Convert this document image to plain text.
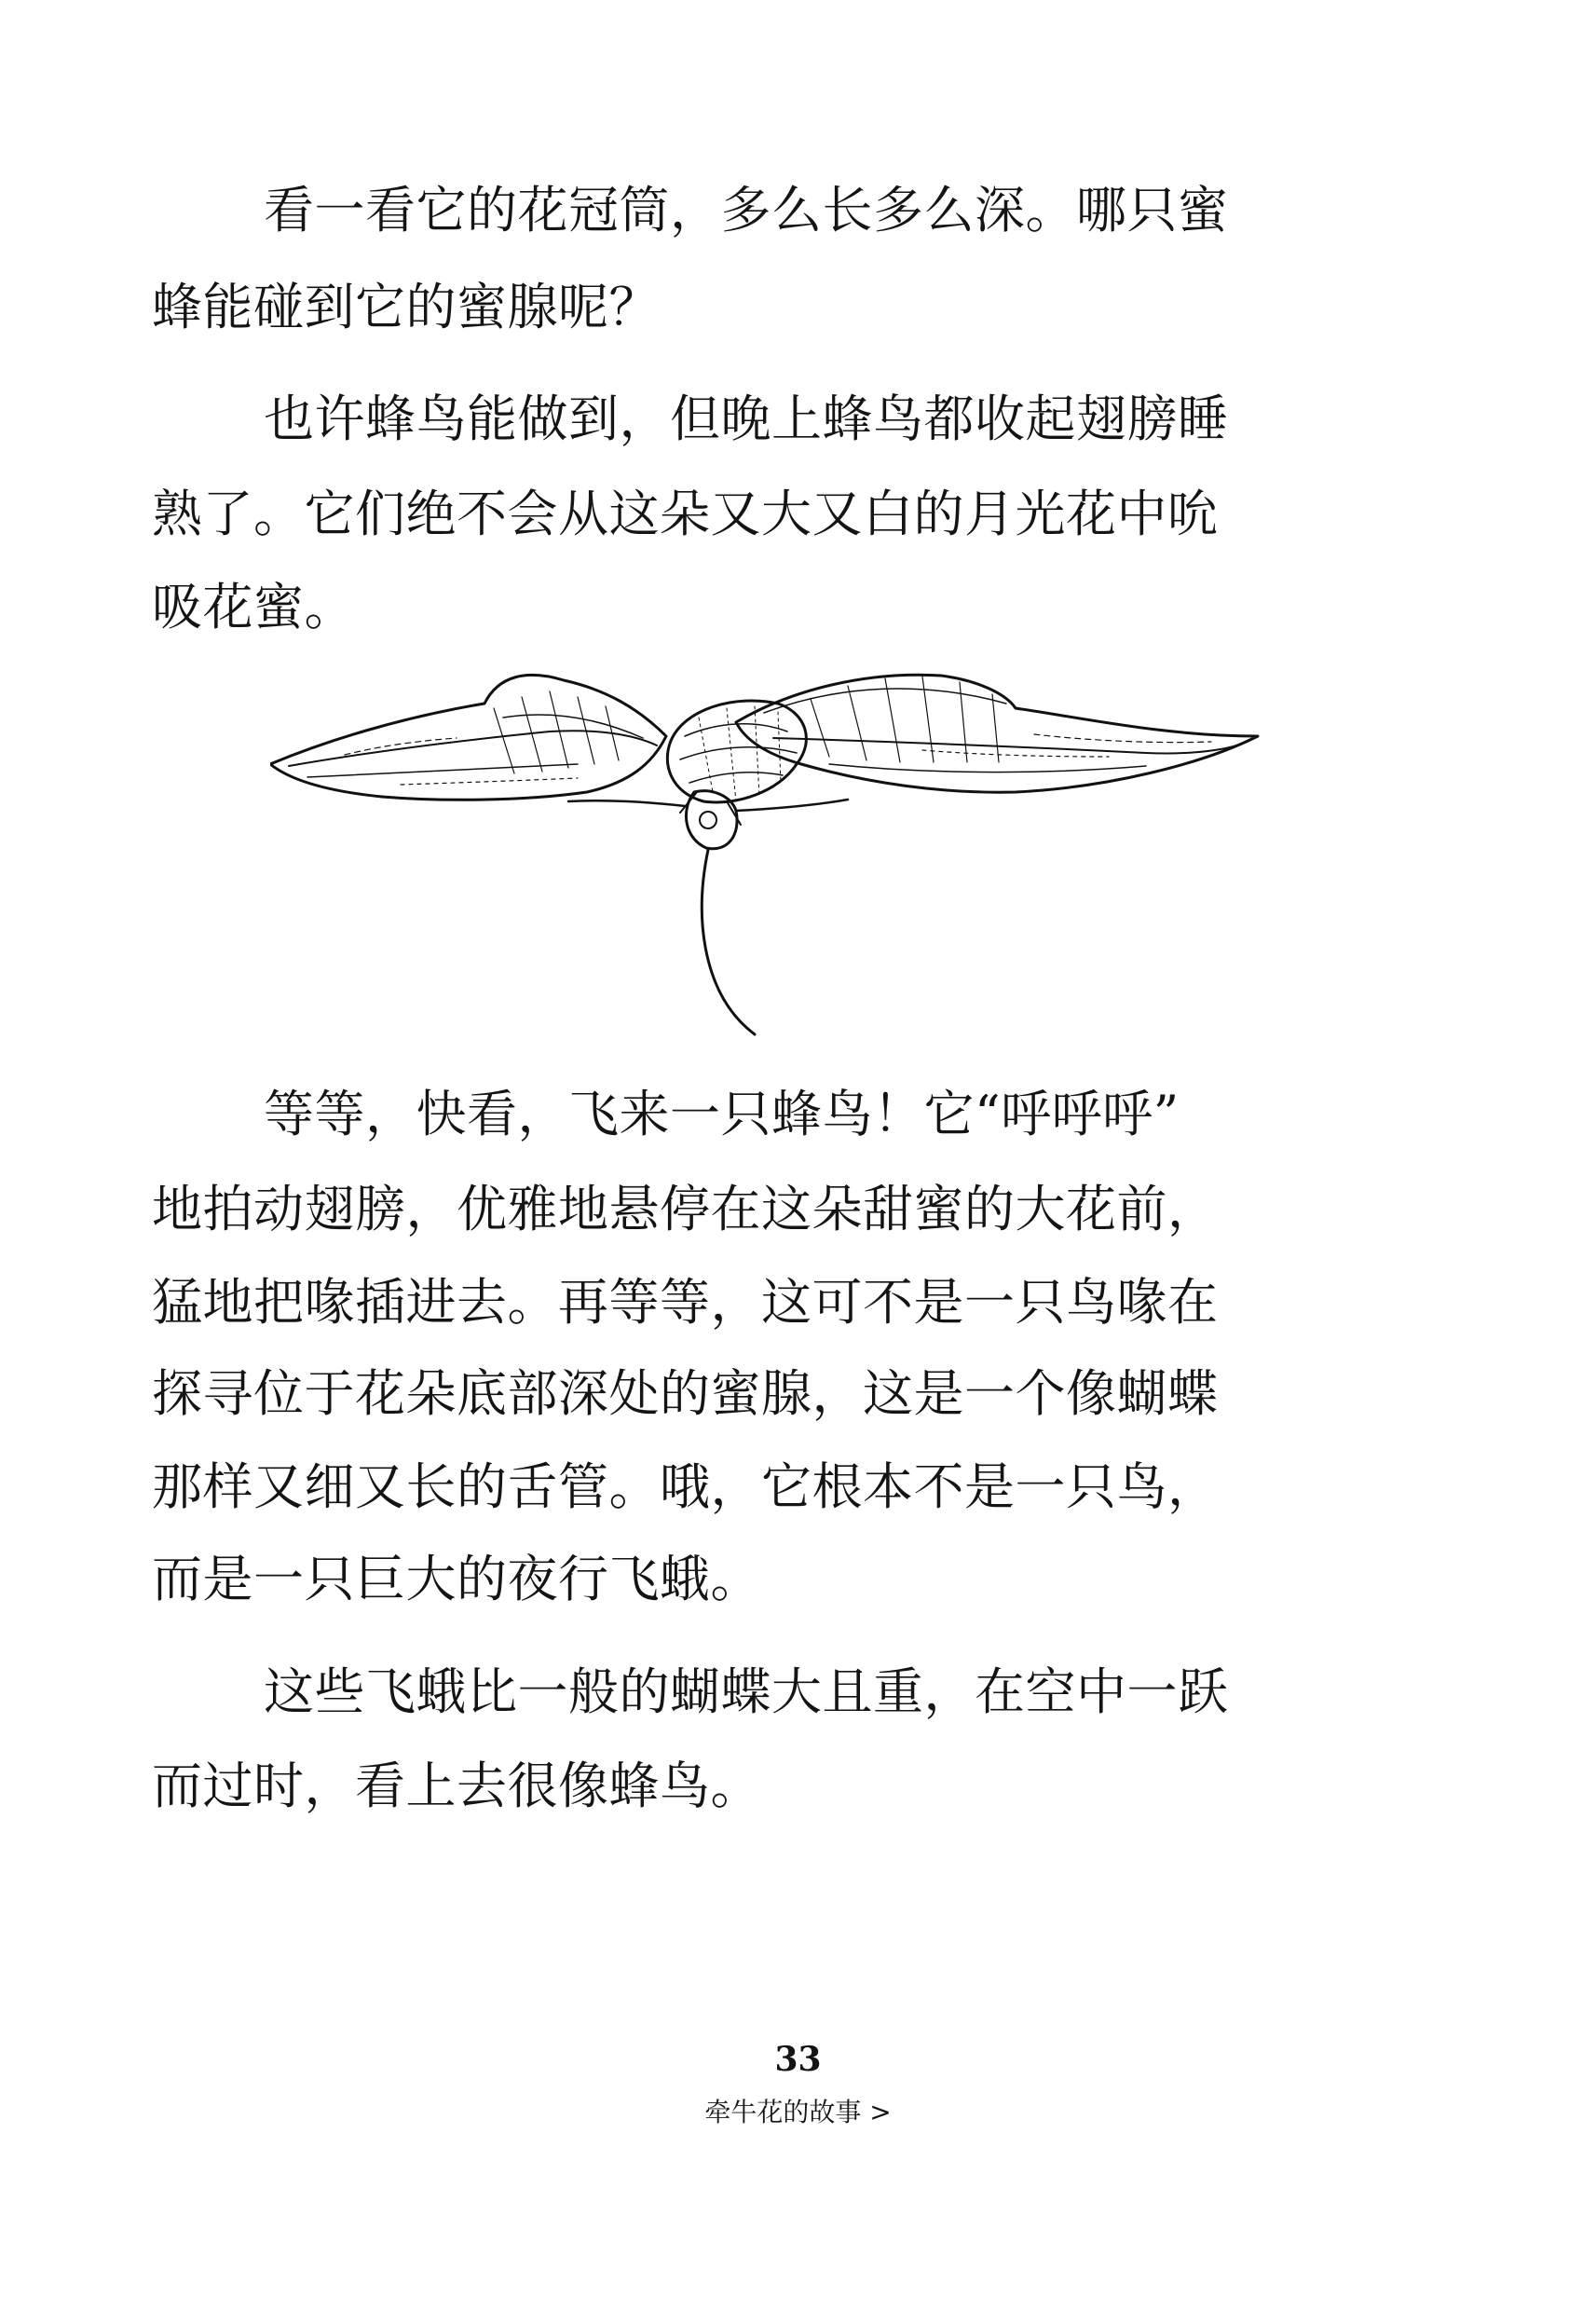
看一看它的花冠筒，多么长多么深。哪只蜜
蜂能碰到它的蜜腺呢？
也许蜂鸟能做到，但晚上蜂鸟都收起翅膀睡
熟了。它们绝不会从这朵又大又白的月光花中吮
吸花蜜。
等等，快看，飞来一只蜂鸟！它“呼呼呼”
地拍动翅膀，优雅地悬停在这朵甜蜜的大花前，
猛地把喙插进去。再等等，这可不是一只鸟喙在
探寻位于花朵底部深处的蜜腺，这是一个像蝴蝶
那样又细又长的舌管。哦，它根本不是一只鸟，
而是一只巨大的夜行飞蛾。
这些飞蛾比一般的蝴蝶大且重，在空中一跃
而过时，看上去很像蜂鸟。
33
牵牛花的故事 >
